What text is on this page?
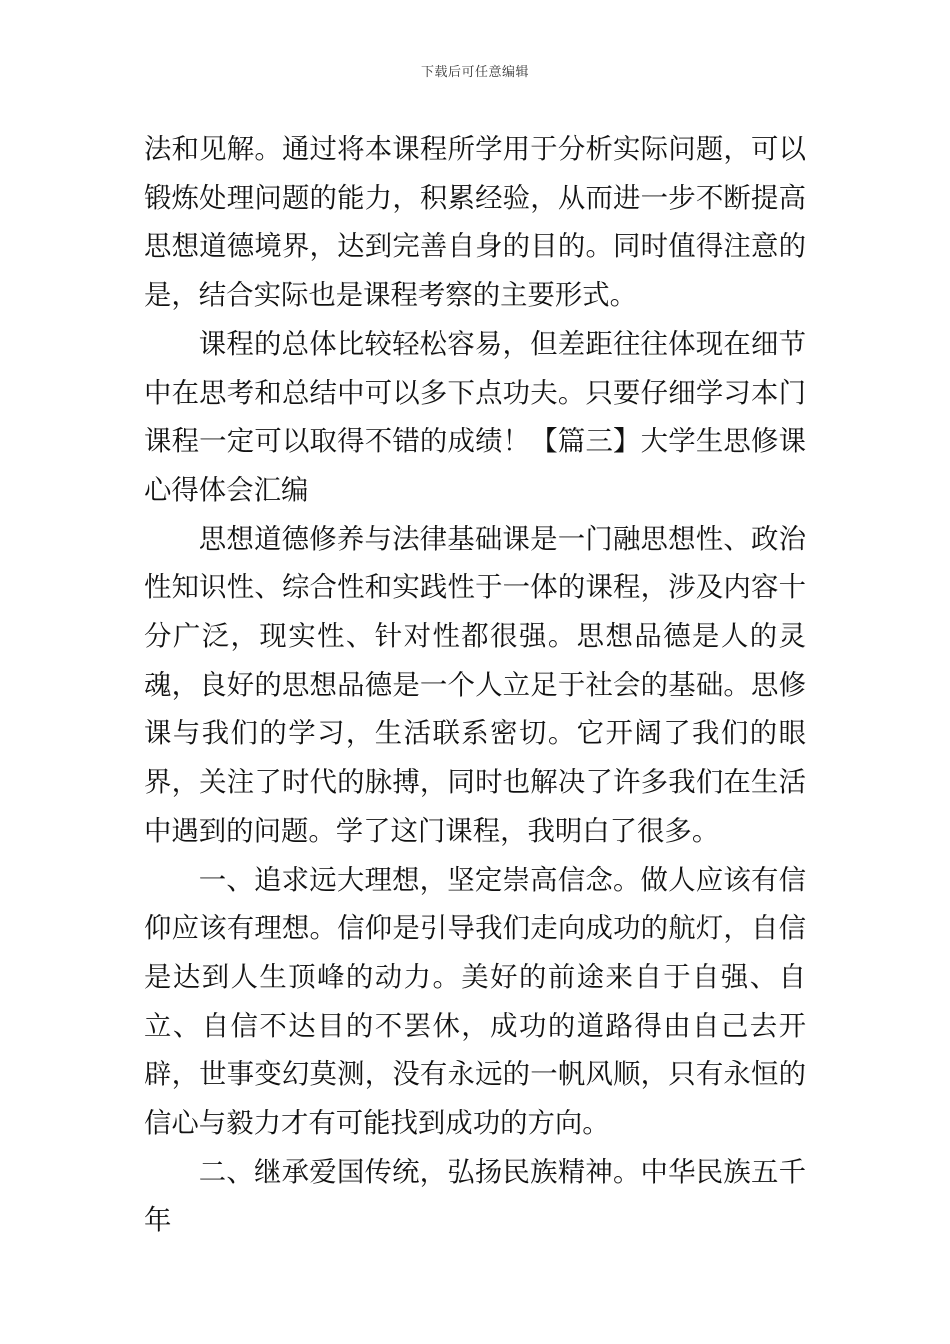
下载后可任意编辑

法和见解。通过将本课程所学用于分析实际问题，可以锻炼处理问题的能力，积累经验，从而进一步不断提高思想道德境界，达到完善自身的目的。同时值得注意的是，结合实际也是课程考察的主要形式。

课程的总体比较轻松容易，但差距往往体现在细节中在思考和总结中可以多下点功夫。只要仔细学习本门课程一定可以取得不错的成绩！【篇三】大学生思修课心得体会汇编

思想道德修养与法律基础课是一门融思想性、政治性知识性、综合性和实践性于一体的课程，涉及内容十分广泛，现实性、针对性都很强。思想品德是人的灵魂，良好的思想品德是一个人立足于社会的基础。思修课与我们的学习，生活联系密切。它开阔了我们的眼界，关注了时代的脉搏，同时也解决了许多我们在生活中遇到的问题。学了这门课程，我明白了很多。

一、追求远大理想，坚定崇高信念。做人应该有信仰应该有理想。信仰是引导我们走向成功的航灯，自信是达到人生顶峰的动力。美好的前途来自于自强、自立、自信不达目的不罢休，成功的道路得由自己去开辟，世事变幻莫测，没有永远的一帆风顺，只有永恒的信心与毅力才有可能找到成功的方向。

二、继承爱国传统，弘扬民族精神。中华民族五千年
